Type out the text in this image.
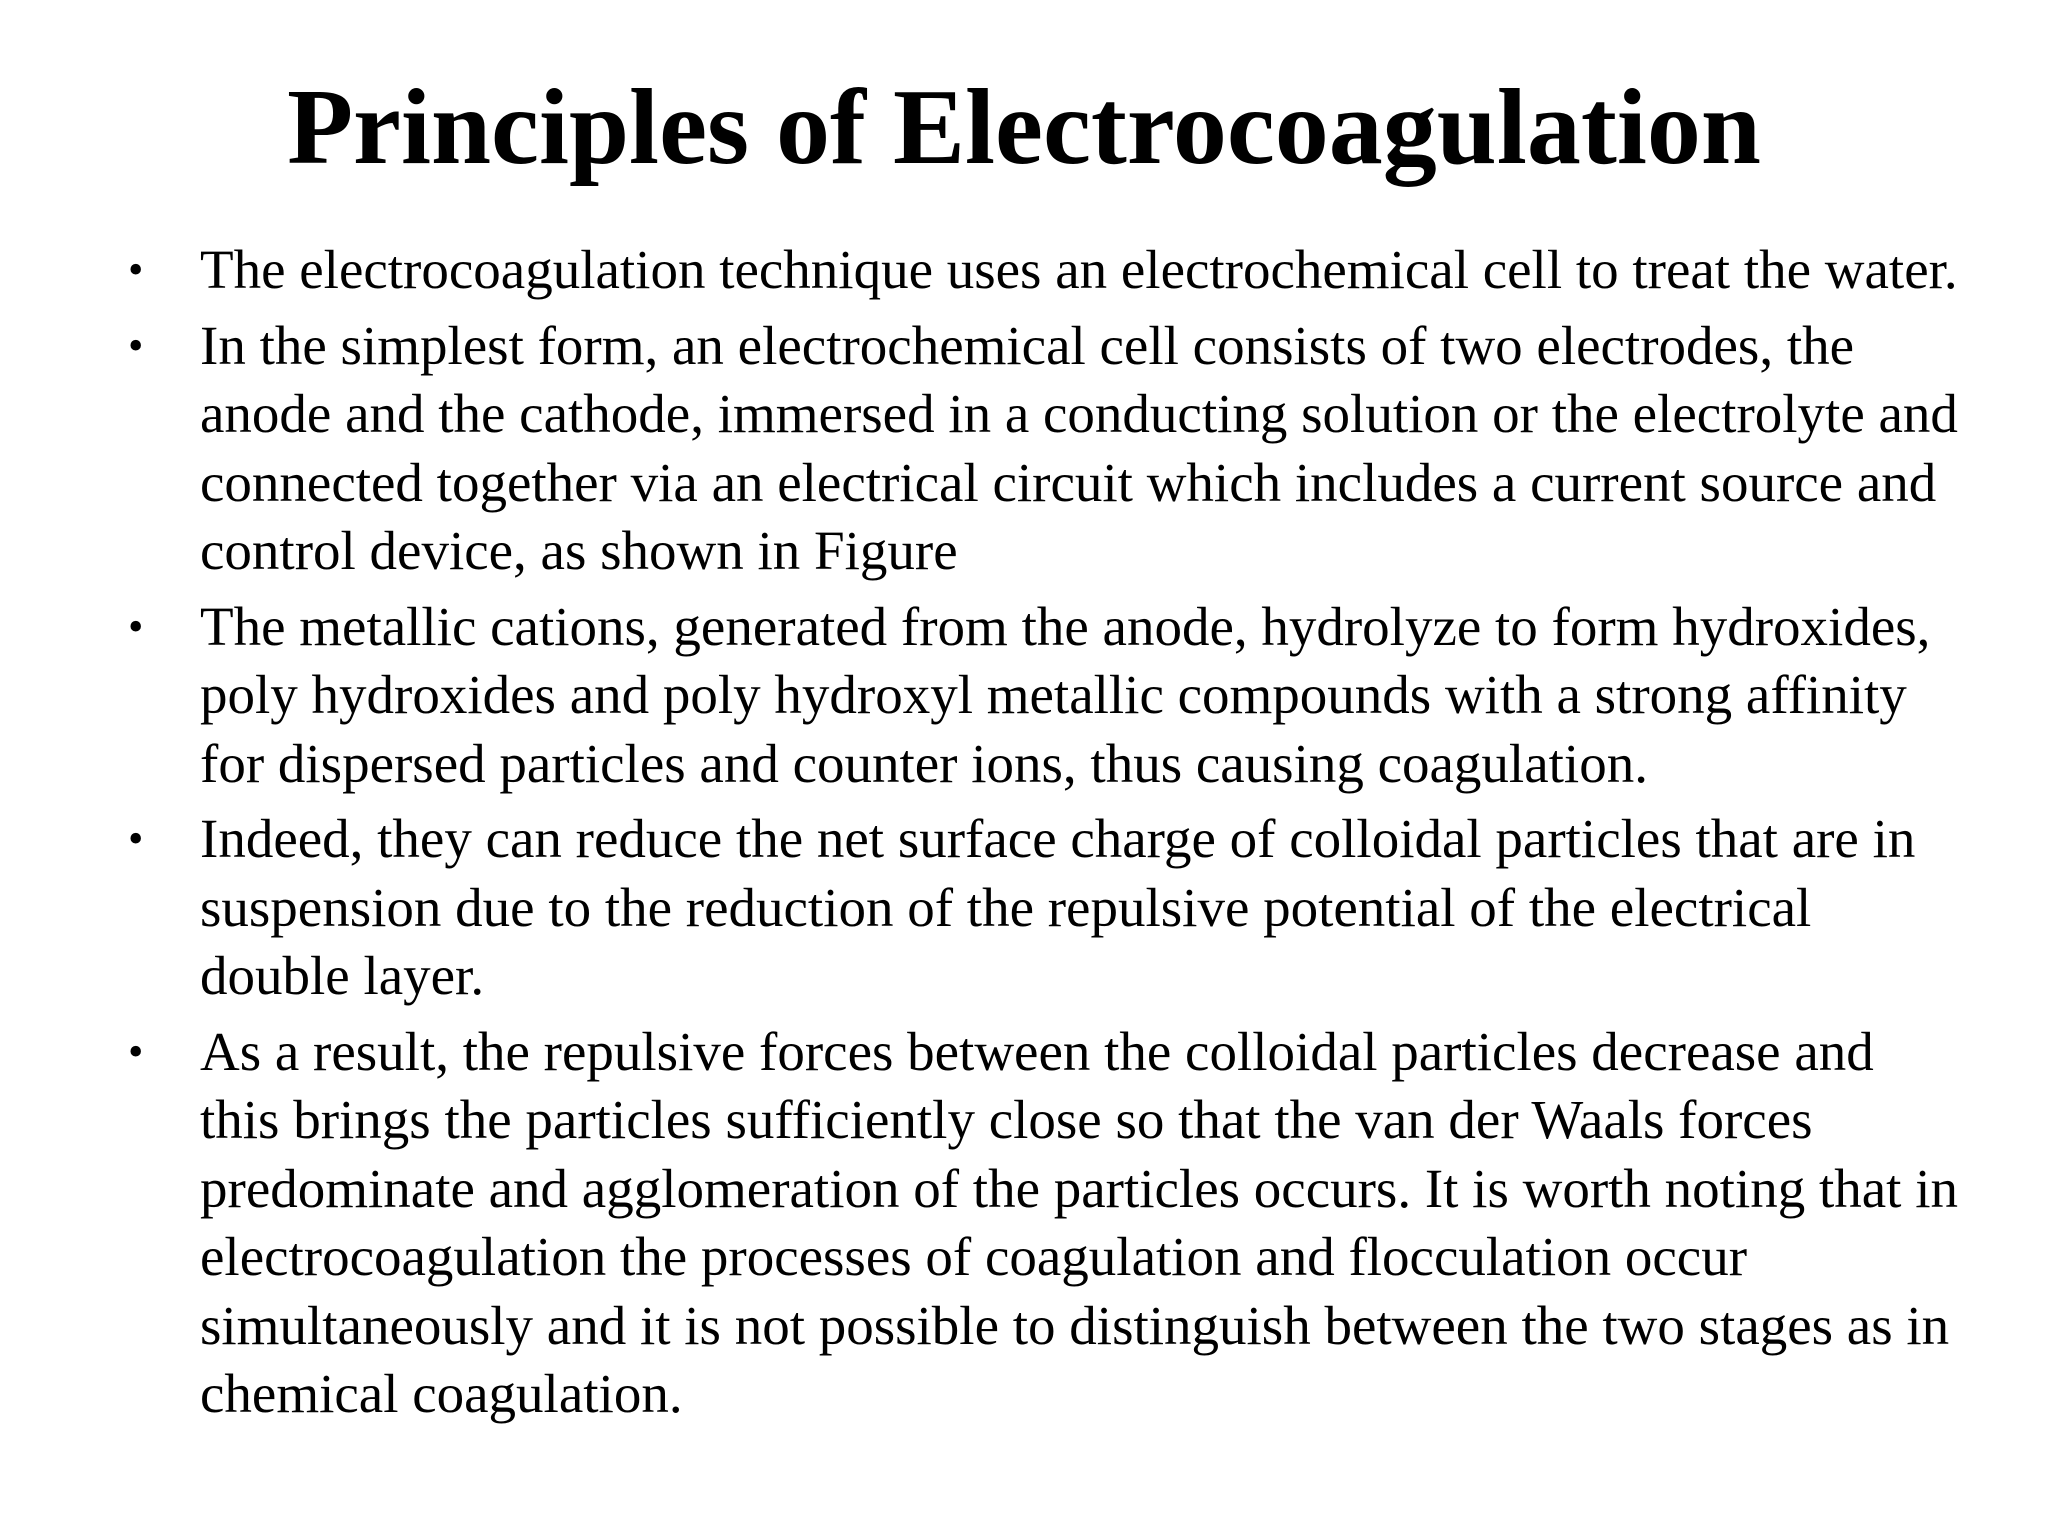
Principles of Electrocoagulation
• The electrocoagulation technique uses an electrochemical cell to treat the water.
• In the simplest form, an electrochemical cell consists of two electrodes, the anode and the cathode, immersed in a conducting solution or the electrolyte and connected together via an electrical circuit which includes a current source and control device, as shown in Figure
• The metallic cations, generated from the anode, hydrolyze to form hydroxides, poly hydroxides and poly hydroxyl metallic compounds with a strong affinity for dispersed particles and counter ions, thus causing coagulation.
• Indeed, they can reduce the net surface charge of colloidal particles that are in suspension due to the reduction of the repulsive potential of the electrical double layer.
• As a result, the repulsive forces between the colloidal particles decrease and this brings the particles sufficiently close so that the van der Waals forces predominate and agglomeration of the particles occurs. It is worth noting that in electrocoagulation the processes of coagulation and flocculation occur simultaneously and it is not possible to distinguish between the two stages as in chemical coagulation.
